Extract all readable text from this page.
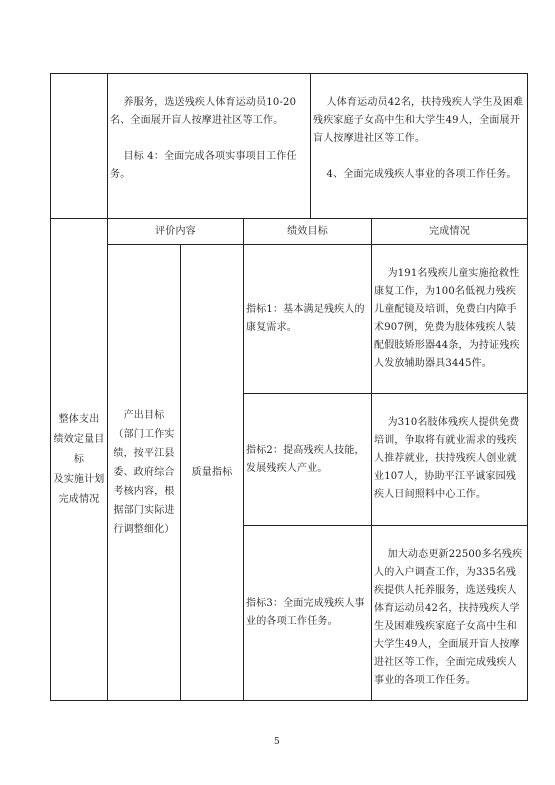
养服务，选送残疾人体育运动员10-20名、全面展开盲人按摩进社区等工作。

目标 4：全面完成各项实事项目工作任务。

人体育运动员42名，扶持残疾人学生及困难残疾家庭子女高中生和大学生49人，全面展开盲人按摩进社区等工作。

4、全面完成残疾人事业的各项工作任务。

整体支出
绩效定量目标
及实施计划
完成情况
评价内容	绩效目标	完成情况
产出目标
（部门工作实绩，按平江县委、政府综合考核内容，根据部门实际进行调整细化）
质量指标
指标1：基本满足残疾人的康复需求。

为191名残疾儿童实施抢救性康复工作，为100名低视力残疾儿童配镜及培训，免费白内障手术907例，免费为肢体残疾人装配假肢矫形器44条，为持证残疾人发放辅助器具3445件。

指标2：提高残疾人技能，发展残疾人产业。

为310名肢体残疾人提供免费培训，争取将有就业需求的残疾人推荐就业，扶持残疾人创业就业107人，协助平江平诚家园残疾人日间照料中心工作。

指标3：全面完成残疾人事业的各项工作任务。

加大动态更新22500多名残疾人的入户调查工作，为335名残疾提供人托养服务，选送残疾人体育运动员42名，扶持残疾人学生及困难残疾家庭子女高中生和大学生49人，全面展开盲人按摩进社区等工作，全面完成残疾人事业的各项工作任务。

5
